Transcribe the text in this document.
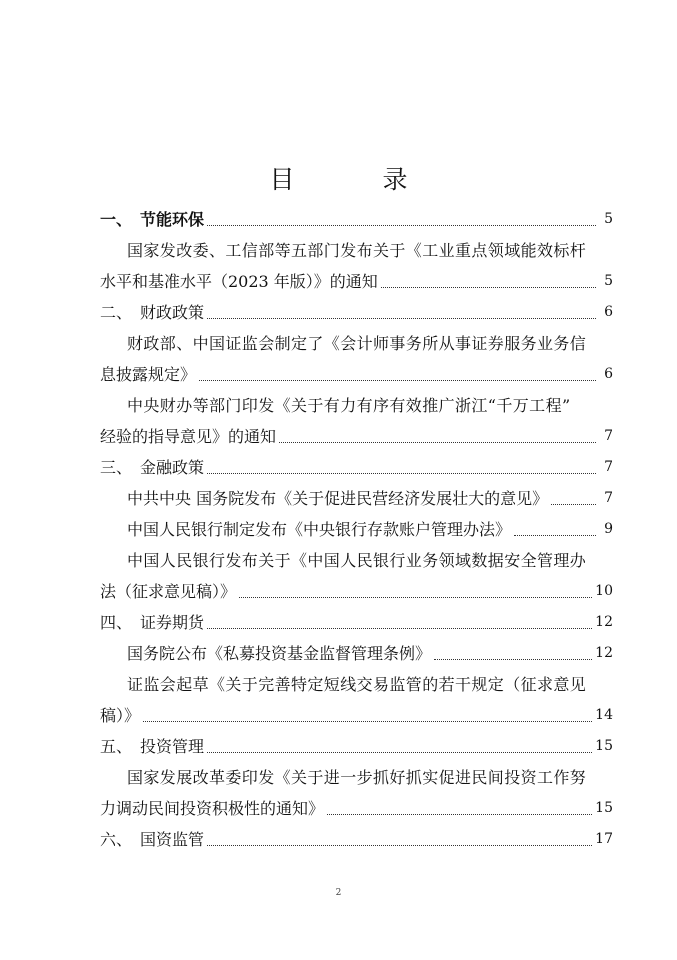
目 录
一、 节能环保	5
国家发改委、工信部等五部门发布关于《工业重点领域能效标杆
水平和基准水平（2023 年版）》的通知	5
二、 财政政策	6
财政部、中国证监会制定了《会计师事务所从事证券服务业务信
息披露规定》	6
中央财办等部门印发《关于有力有序有效推广浙江“千万工程”
经验的指导意见》的通知	7
三、 金融政策	7
中共中央 国务院发布《关于促进民营经济发展壮大的意见》	7
中国人民银行制定发布《中央银行存款账户管理办法》	9
中国人民银行发布关于《中国人民银行业务领域数据安全管理办
法（征求意见稿）》	10
四、 证券期货	12
国务院公布《私募投资基金监督管理条例》	12
证监会起草《关于完善特定短线交易监管的若干规定（征求意见
稿）》	14
五、 投资管理	15
国家发展改革委印发《关于进一步抓好抓实促进民间投资工作努
力调动民间投资积极性的通知》	15
六、 国资监管	17
2
